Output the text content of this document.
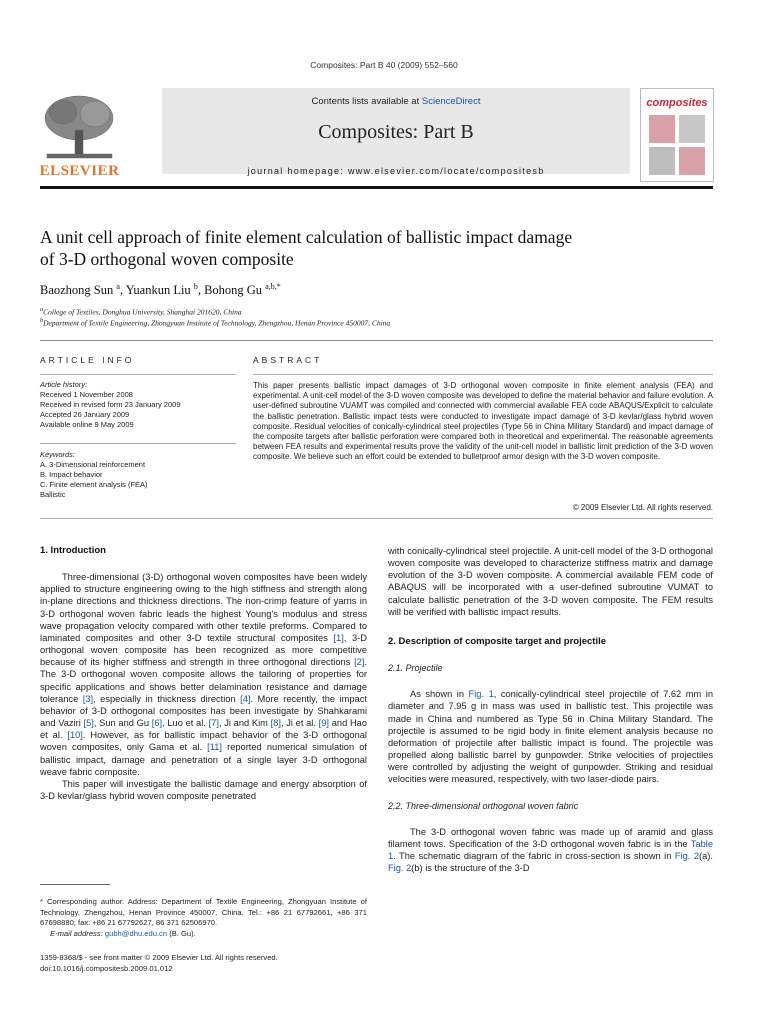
Composites: Part B 40 (2009) 552–560
ELSEVIER
Contents lists available at ScienceDirect
Composites: Part B
journal homepage: www.elsevier.com/locate/compositesb
composites
A unit cell approach of finite element calculation of ballistic impact damage
of 3-D orthogonal woven composite
Baozhong Sun $^a$, Yuankun Liu $^b$, Bohong Gu $^{a,b,*}$
$^a$College of Textiles, Donghua University, Shanghai 201620, China
$^b$Department of Textile Engineering, Zhongyuan Institute of Technology, Zhengzhou, Henan Province 450007, China
ARTICLE INFO
Article history:
Received 1 November 2008
Received in revised form 23 January 2009
Accepted 26 January 2009
Available online 9 May 2009
Keywords:
A. 3-Dimensional reinforcement
B. Impact behavior
C. Finite element analysis (FEA)
Ballistic
ABSTRACT
This paper presents ballistic impact damages of 3-D orthogonal woven composite in finite element analysis (FEA) and experimental. A unit-cell model of the 3-D woven composite was developed to define the material behavior and failure evolution. A user-defined subroutine VUAMT was compiled and connected with commercial available FEA code ABAQUS/Explicit to calculate the ballistic penetration. Ballistic impact tests were conducted to investigate impact damage of 3-D kevlar/glass hybrid woven composite. Residual velocities of conically-cylindrical steel projectiles (Type 56 in China Military Standard) and impact damage of the composite targets after ballistic perforation were compared both in theoretical and experimental. The reasonable agreements between FEA results and experimental results prove the validity of the unit-cell model in ballistic limit prediction of the 3-D woven composite. We believe such an effort could be extended to bulletproof armor design with the 3-D woven composite.
© 2009 Elsevier Ltd. All rights reserved.
1. Introduction

Three-dimensional (3-D) orthogonal woven composites have been widely applied to structure engineering owing to the high stiffness and strength along in-plane directions and thickness directions. The non-crimp feature of yarns in 3-D orthogonal woven fabric leads the highest Young's modulus and stress wave propagation velocity compared with other textile preforms. Compared to laminated composites and other 3-D textile structural composites [1], 3-D orthogonal woven composite has been recognized as more competitive because of its higher stiffness and strength in three orthogonal directions [2]. The 3-D orthogonal woven composite allows the tailoring of properties for specific applications and shows better delamination resistance and damage tolerance [3], especially in thickness direction [4]. More recently, the impact behavior of 3-D orthogonal composites has been investigate by Shahkarami and Vaziri [5], Sun and Gu [6], Luo et al. [7], Ji and Kim [8], Ji et al. [9] and Hao et al. [10]. However, as for ballistic impact behavior of the 3-D orthogonal woven composites, only Gama et al. [11] reported numerical simulation of ballistic impact, damage and penetration of a single layer 3-D orthogonal weave fabric composite.

This paper will investigate the ballistic damage and energy absorption of 3-D kevlar/glass hybrid woven composite penetrated

* Corresponding author. Address: Department of Textile Engineering, Zhongyuan Institute of Technology, Zhengzhou, Henan Province 450007, China. Tel.: +86 21 67792661, +86 371 67698880; fax: +86 21 67792627, 86 371 62506970.
E-mail address: gubh@dhu.edu.cn (B. Gu).
1359-8368/$ - see front matter © 2009 Elsevier Ltd. All rights reserved.
doi:10.1016/j.compositesb.2009.01.012

with conically-cylindrical steel projectile. A unit-cell model of the 3-D orthogonal woven composite was developed to characterize stiffness matrix and damage evolution of the 3-D woven composite. A commercial available FEM code of ABAQUS will be incorporated with a user-defined subroutine VUMAT to calculate ballistic penetration of the 3-D woven composite. The FEM results will be verified with ballistic impact results.

2. Description of composite target and projectile
2.1. Projectile

As shown in Fig. 1, conically-cylindrical steel projectile of 7.62 mm in diameter and 7.95 g in mass was used in ballistic test. This projectile was made in China and numbered as Type 56 in China Military Standard. The projectile is assumed to be rigid body in finite element analysis because no deformation of projectile after ballistic impact is found. The projectile was propelled along ballistic barrel by gunpowder. Strike velocities of projectiles were controlled by adjusting the weight of gunpowder. Striking and residual velocities were measured, respectively, with two laser-diode pairs.

2.2. Three-dimensional orthogonal woven fabric

The 3-D orthogonal woven fabric was made up of aramid and glass filament tows. Specification of the 3-D orthogonal woven fabric is in the Table 1. The schematic diagram of the fabric in cross-section is shown in Fig. 2(a). Fig. 2(b) is the structure of the 3-D
